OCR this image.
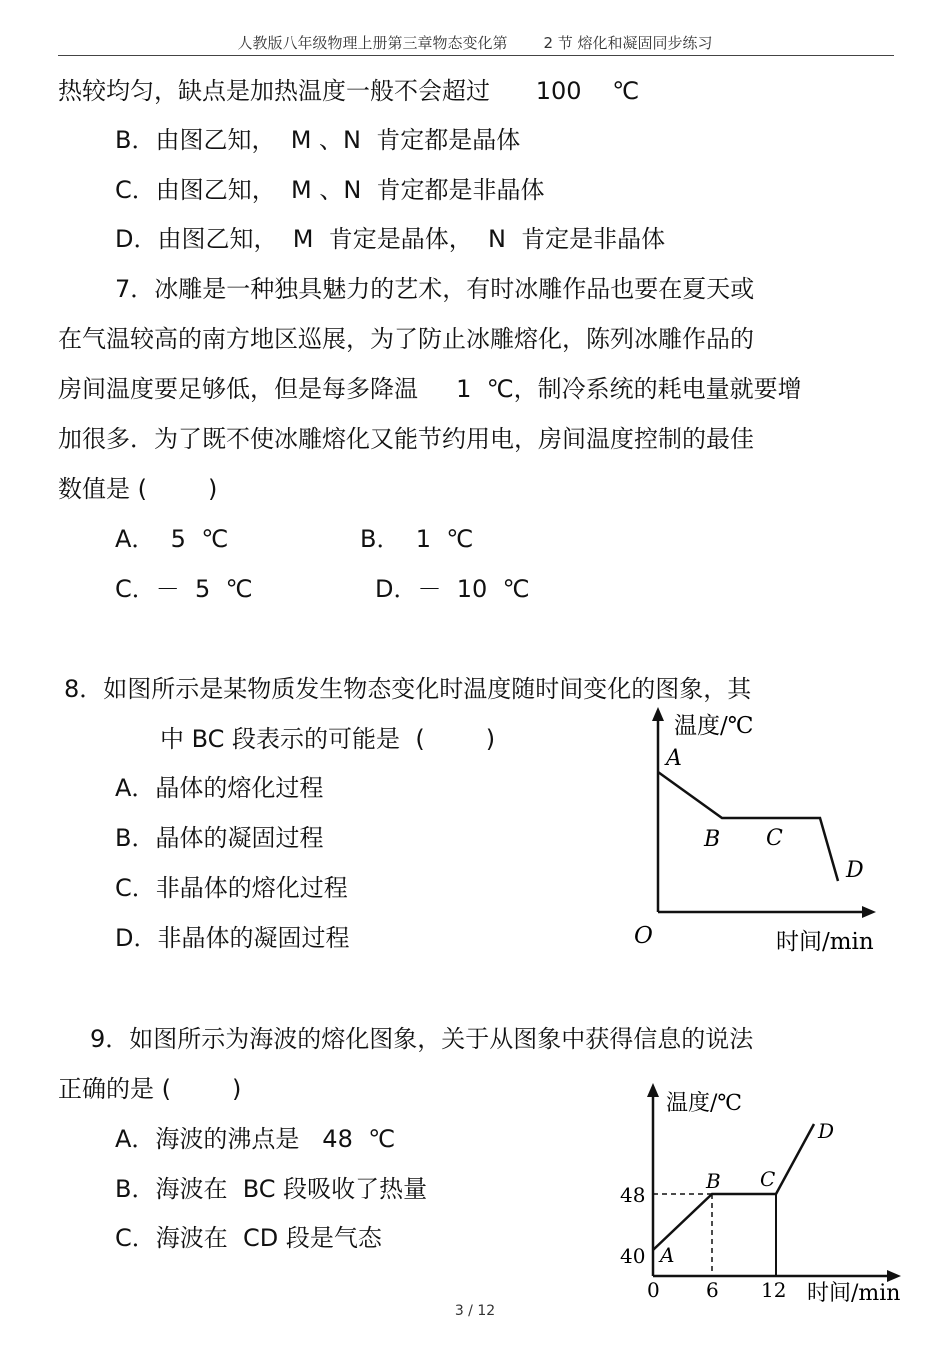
人教版八年级物理上册第三章物态变化第 2 节 熔化和凝固同步练习
热较均匀，缺点是加热温度一般不会超过      100    ℃
B．由图乙知，  M 、N  肯定都是晶体
C．由图乙知，  M 、N  肯定都是非晶体
D．由图乙知，  M  肯定是晶体，  N  肯定是非晶体
7．冰雕是一种独具魅力的艺术，有时冰雕作品也要在夏天或
在气温较高的南方地区巡展，为了防止冰雕熔化，陈列冰雕作品的
房间温度要足够低，但是每多降温     1  ℃，制冷系统的耗电量就要增
加很多．为了既不使冰雕熔化又能节约用电，房间温度控制的最佳
数值是 (        )
A．  5  ℃	B．  1  ℃
C．－  5  ℃	D．－  10  ℃
8．如图所示是某物质发生物态变化时温度随时间变化的图象，其
中 BC 段表示的可能是  (        )
A．晶体的熔化过程
B．晶体的凝固过程
C．非晶体的熔化过程
D．非晶体的凝固过程
温度/℃
时间/min
O
A
B C
D
9．如图所示为海波的熔化图象，关于从图象中获得信息的说法
正确的是 (        )
A．海波的沸点是   48  ℃
B．海波在  BC 段吸收了热量
C．海波在  CD 段是气态
温度/℃
时间/min
48
40
0 6 12
A
B C
D
3 / 12
